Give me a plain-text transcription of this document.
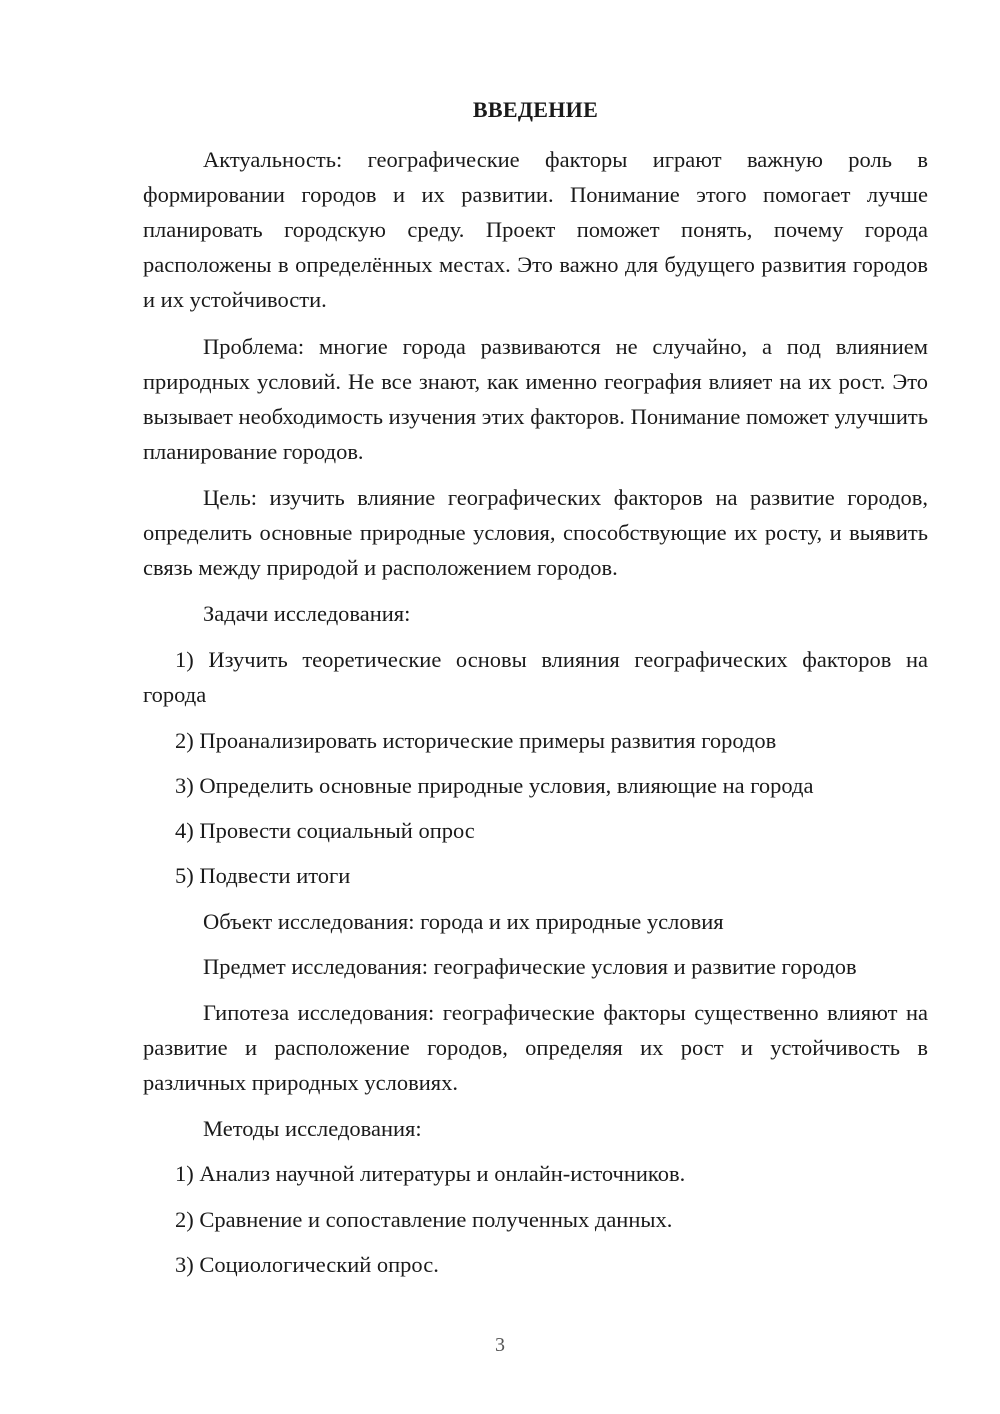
ВВЕДЕНИЕ

Актуальность: географические факторы играют важную роль в формировании городов и их развитии. Понимание этого помогает лучше планировать городскую среду. Проект поможет понять, почему города расположены в определённых местах. Это важно для будущего развития городов и их устойчивости.

Проблема: многие города развиваются не случайно, а под влиянием природных условий. Не все знают, как именно география влияет на их рост. Это вызывает необходимость изучения этих факторов. Понимание поможет улучшить планирование городов.

Цель: изучить влияние географических факторов на развитие городов, определить основные природные условия, способствующие их росту, и выявить связь между природой и расположением городов.

Задачи исследования:

1) Изучить теоретические основы влияния географических факторов на города

2) Проанализировать исторические примеры развития городов

3) Определить основные природные условия, влияющие на города

4) Провести социальный опрос

5) Подвести итоги

Объект исследования: города и их природные условия

Предмет исследования: географические условия и развитие городов

Гипотеза исследования: географические факторы существенно влияют на развитие и расположение городов, определяя их рост и устойчивость в различных природных условиях.

Методы исследования:

1) Анализ научной литературы и онлайн-источников.

2) Сравнение и сопоставление полученных данных.

3) Социологический опрос.

3
